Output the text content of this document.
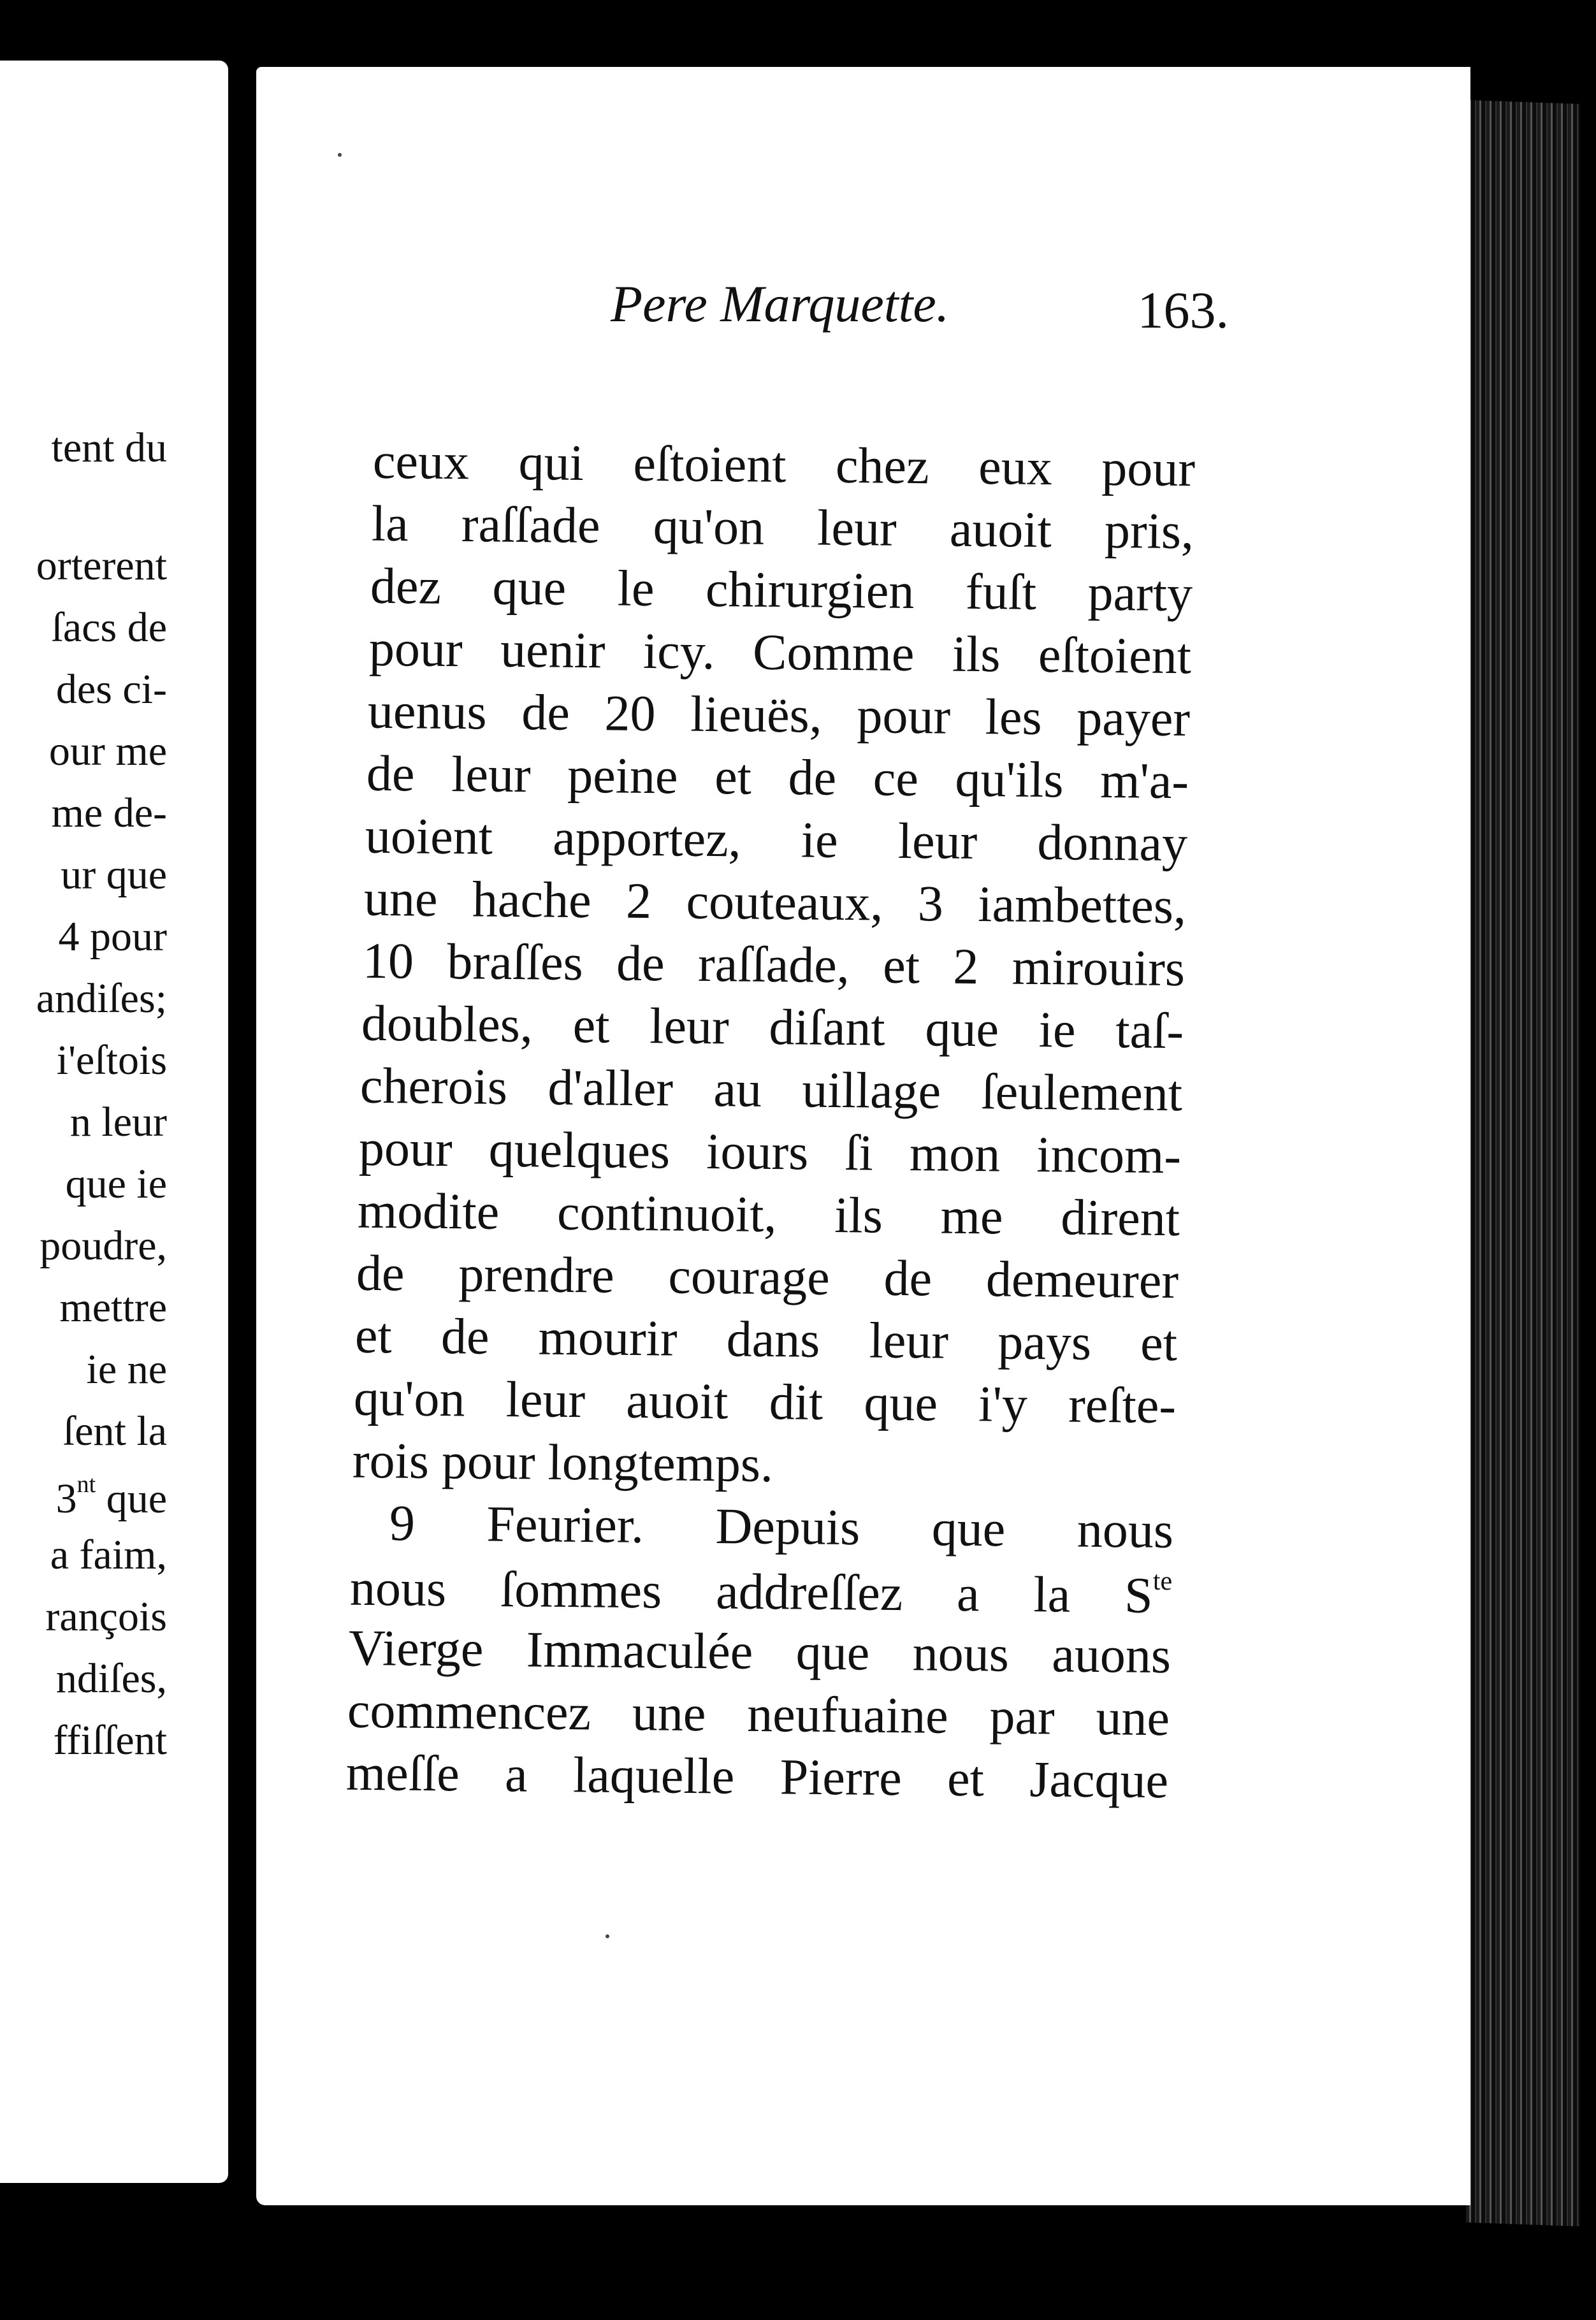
tent du
orterent
ſacs de
des ci-
our me
me de-
ur que
4 pour
andiſes;
i'eſtois
n leur
que ie
poudre,
mettre
ie ne
ſent la
$3^{nt}$ que
a faim,
rançois
ndiſes,
ffiſſent
Pere Marquette.	163.
ceux qui eſtoient chez eux pour
la raſſade qu'on leur auoit pris,
dez que le chirurgien fuſt party
pour uenir icy. Comme ils eſtoient
uenus de 20 lieuës, pour les payer
de leur peine et de ce qu'ils m'a-
uoient apportez, ie leur donnay
une hache 2 couteaux, 3 iambettes,
10 braſſes de raſſade, et 2 mirouirs
doubles, et leur diſant que ie taſ-
cherois d'aller au uillage ſeulement
pour quelques iours ſi mon incom-
modite continuoit, ils me dirent
de prendre courage de demeurer
et de mourir dans leur pays et
qu'on leur auoit dit que i'y reſte-
rois pour longtemps.
9 Feurier. Depuis que nous
nous ſommes addreſſez a la $S^{te}$
Vierge Immaculée que nous auons
commencez une neufuaine par une
meſſe a laquelle Pierre et Jacque
